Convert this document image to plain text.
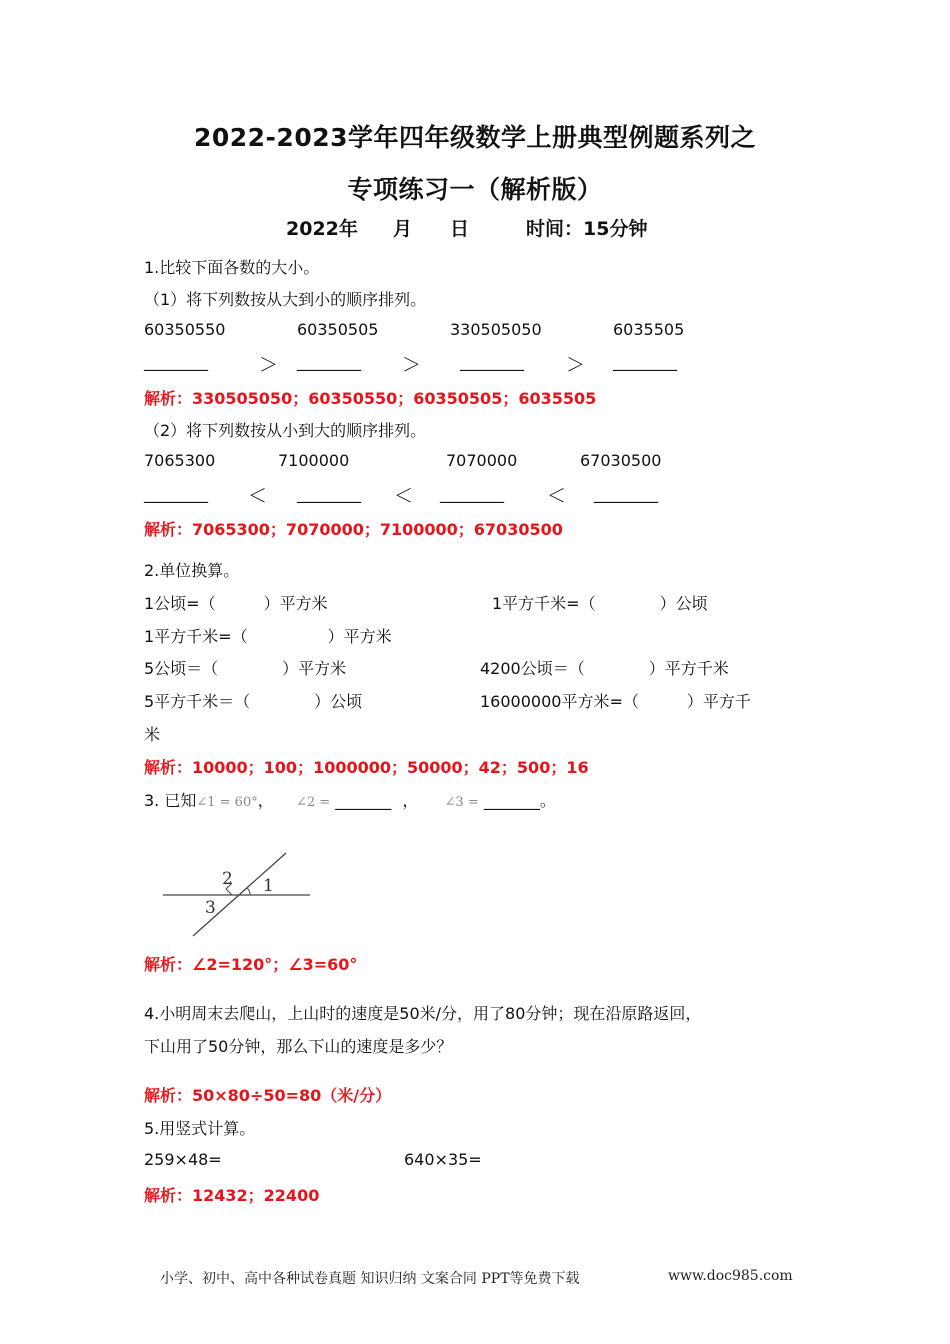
2022-2023学年四年级数学上册典型例题系列之
专项练习一（解析版）
2022年 月 日	时间：15分钟
1.比较下面各数的大小。
（1）将下列数按从大到小的顺序排列。
60350550	60350505	330505050	6035505
________	＞ ________ ＞ ________ ＞ ________
解析：330505050；60350550；60350505；6035505
（2）将下列数按从小到大的顺序排列。
7065300	7100000	7070000	67030500
________ ＜ ________ ＜ ________ ＜ ________
解析：7065300；7070000；7100000；67030500
2.单位换算。
1公顷=（　　　）平方米	1平方千米=（　　　　）公顷
1平方千米=（　　　　　）平方米
5公顷＝（　　　　）平方米	4200公顷＝（　　　　）平方千米
5平方千米＝（　　　　）公顷	16000000平方米=（　　　）平方千
米
解析：10000；100；1000000；50000；42；500；16
3. 已知∠1 = 60°， ∠2 = _______ ， ∠3 = _______。
2 1
3
解析：∠2=120°；∠3=60°
4.小明周末去爬山，上山时的速度是50米/分，用了80分钟；现在沿原路返回，
下山用了50分钟，那么下山的速度是多少？
解析：50×80÷50=80（米/分）
5.用竖式计算。
259×48=	640×35=
解析：12432；22400
小学、初中、高中各种试卷真题 知识归纳 文案合同 PPT等免费下载	www.doc985.com
